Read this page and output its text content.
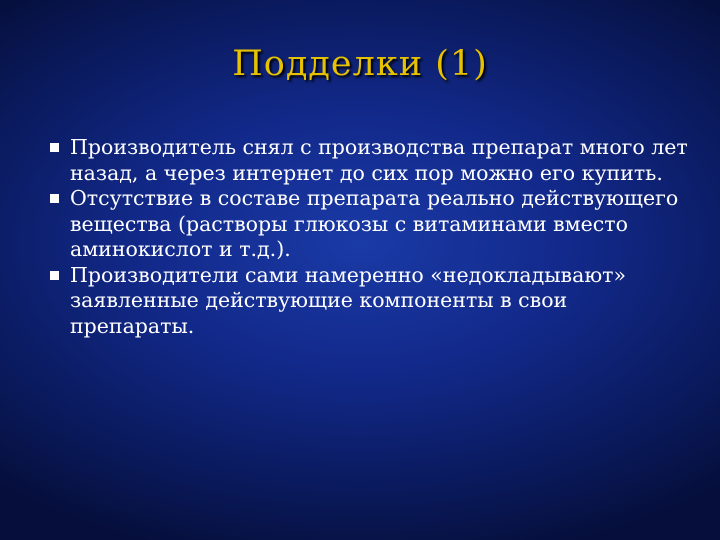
Подделки (1)
Производитель снял с производства препарат много лет назад, а через интернет до сих пор можно его купить.
Отсутствие в составе препарата реально действующего вещества (растворы глюкозы с витаминами вместо аминокислот и т.д.).
Производители сами намеренно «недокладывают» заявленные действующие компоненты в свои препараты.
